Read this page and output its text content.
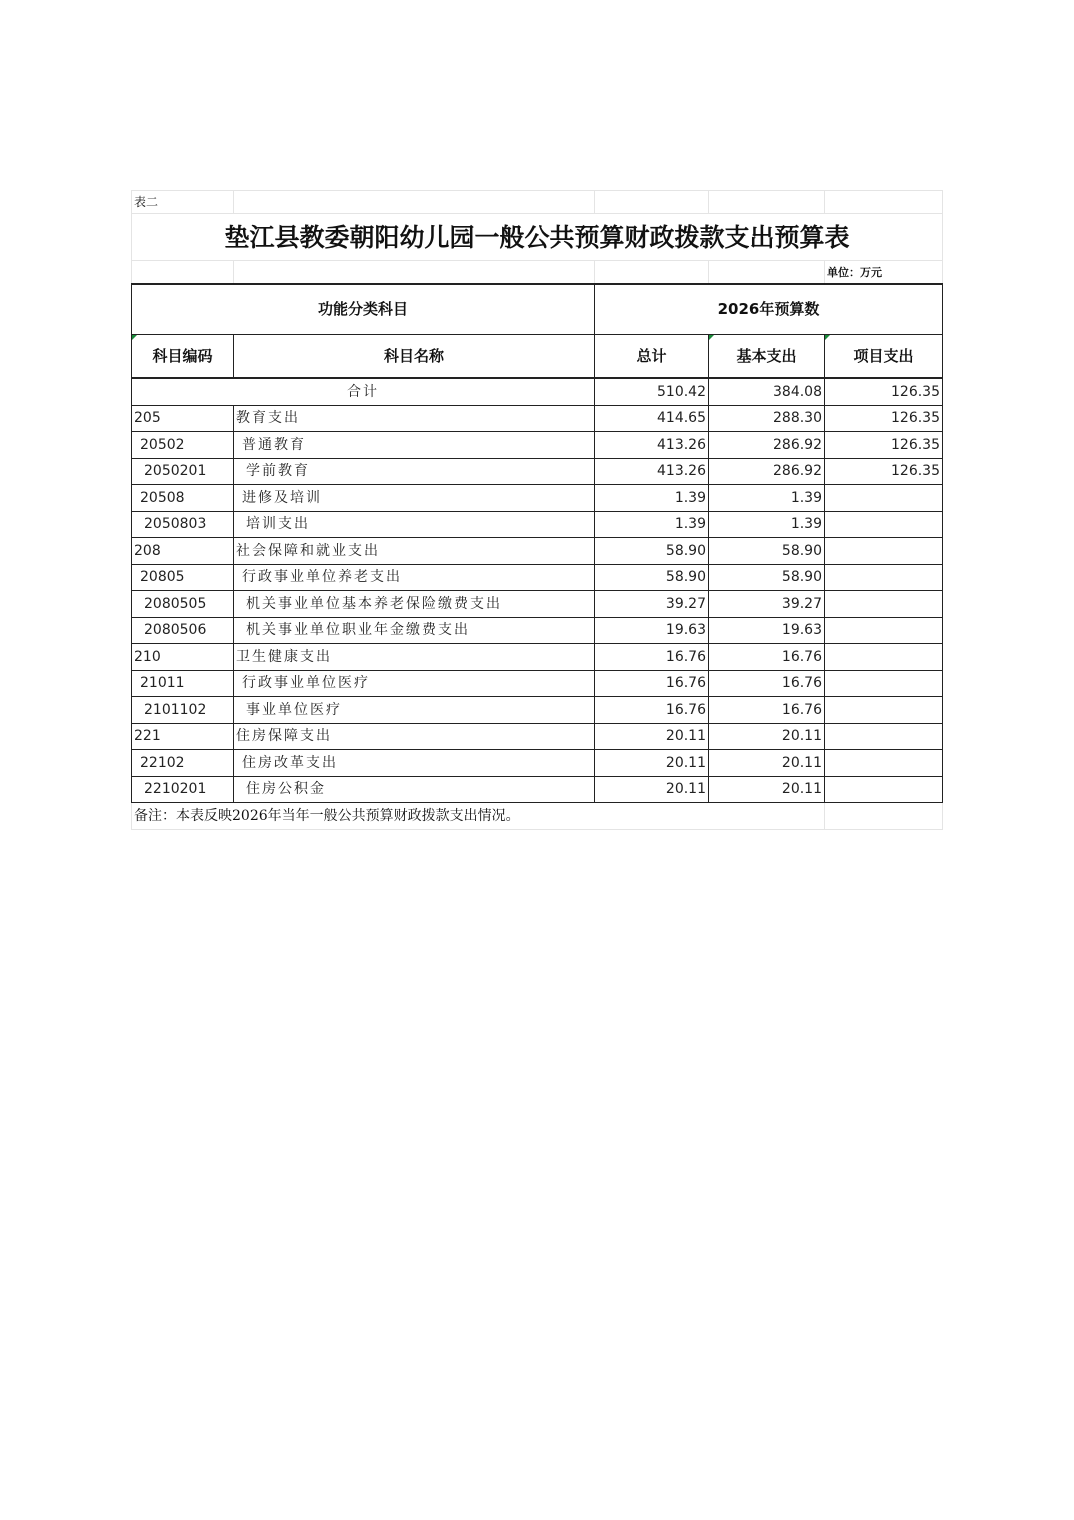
表二				
垫江县教委朝阳幼儿园一般公共预算财政拨款支出预算表				
				单位：万元
功能分类科目		2026年预算数		
科目编码	科目名称	总计	基本支出	项目支出
合计		510.42	384.08	126.35
205	教育支出	414.65	288.30	126.35
20502	普通教育	413.26	286.92	126.35
2050201	学前教育	413.26	286.92	126.35
20508	进修及培训	1.39	1.39	
2050803	培训支出	1.39	1.39	
208	社会保障和就业支出	58.90	58.90	
20805	行政事业单位养老支出	58.90	58.90	
2080505	机关事业单位基本养老保险缴费支出	39.27	39.27	
2080506	机关事业单位职业年金缴费支出	19.63	19.63	
210	卫生健康支出	16.76	16.76	
21011	行政事业单位医疗	16.76	16.76	
2101102	事业单位医疗	16.76	16.76	
221	住房保障支出	20.11	20.11	
22102	住房改革支出	20.11	20.11	
2210201	住房公积金	20.11	20.11	
备注：本表反映2026年当年一般公共预算财政拨款支出情况。				
